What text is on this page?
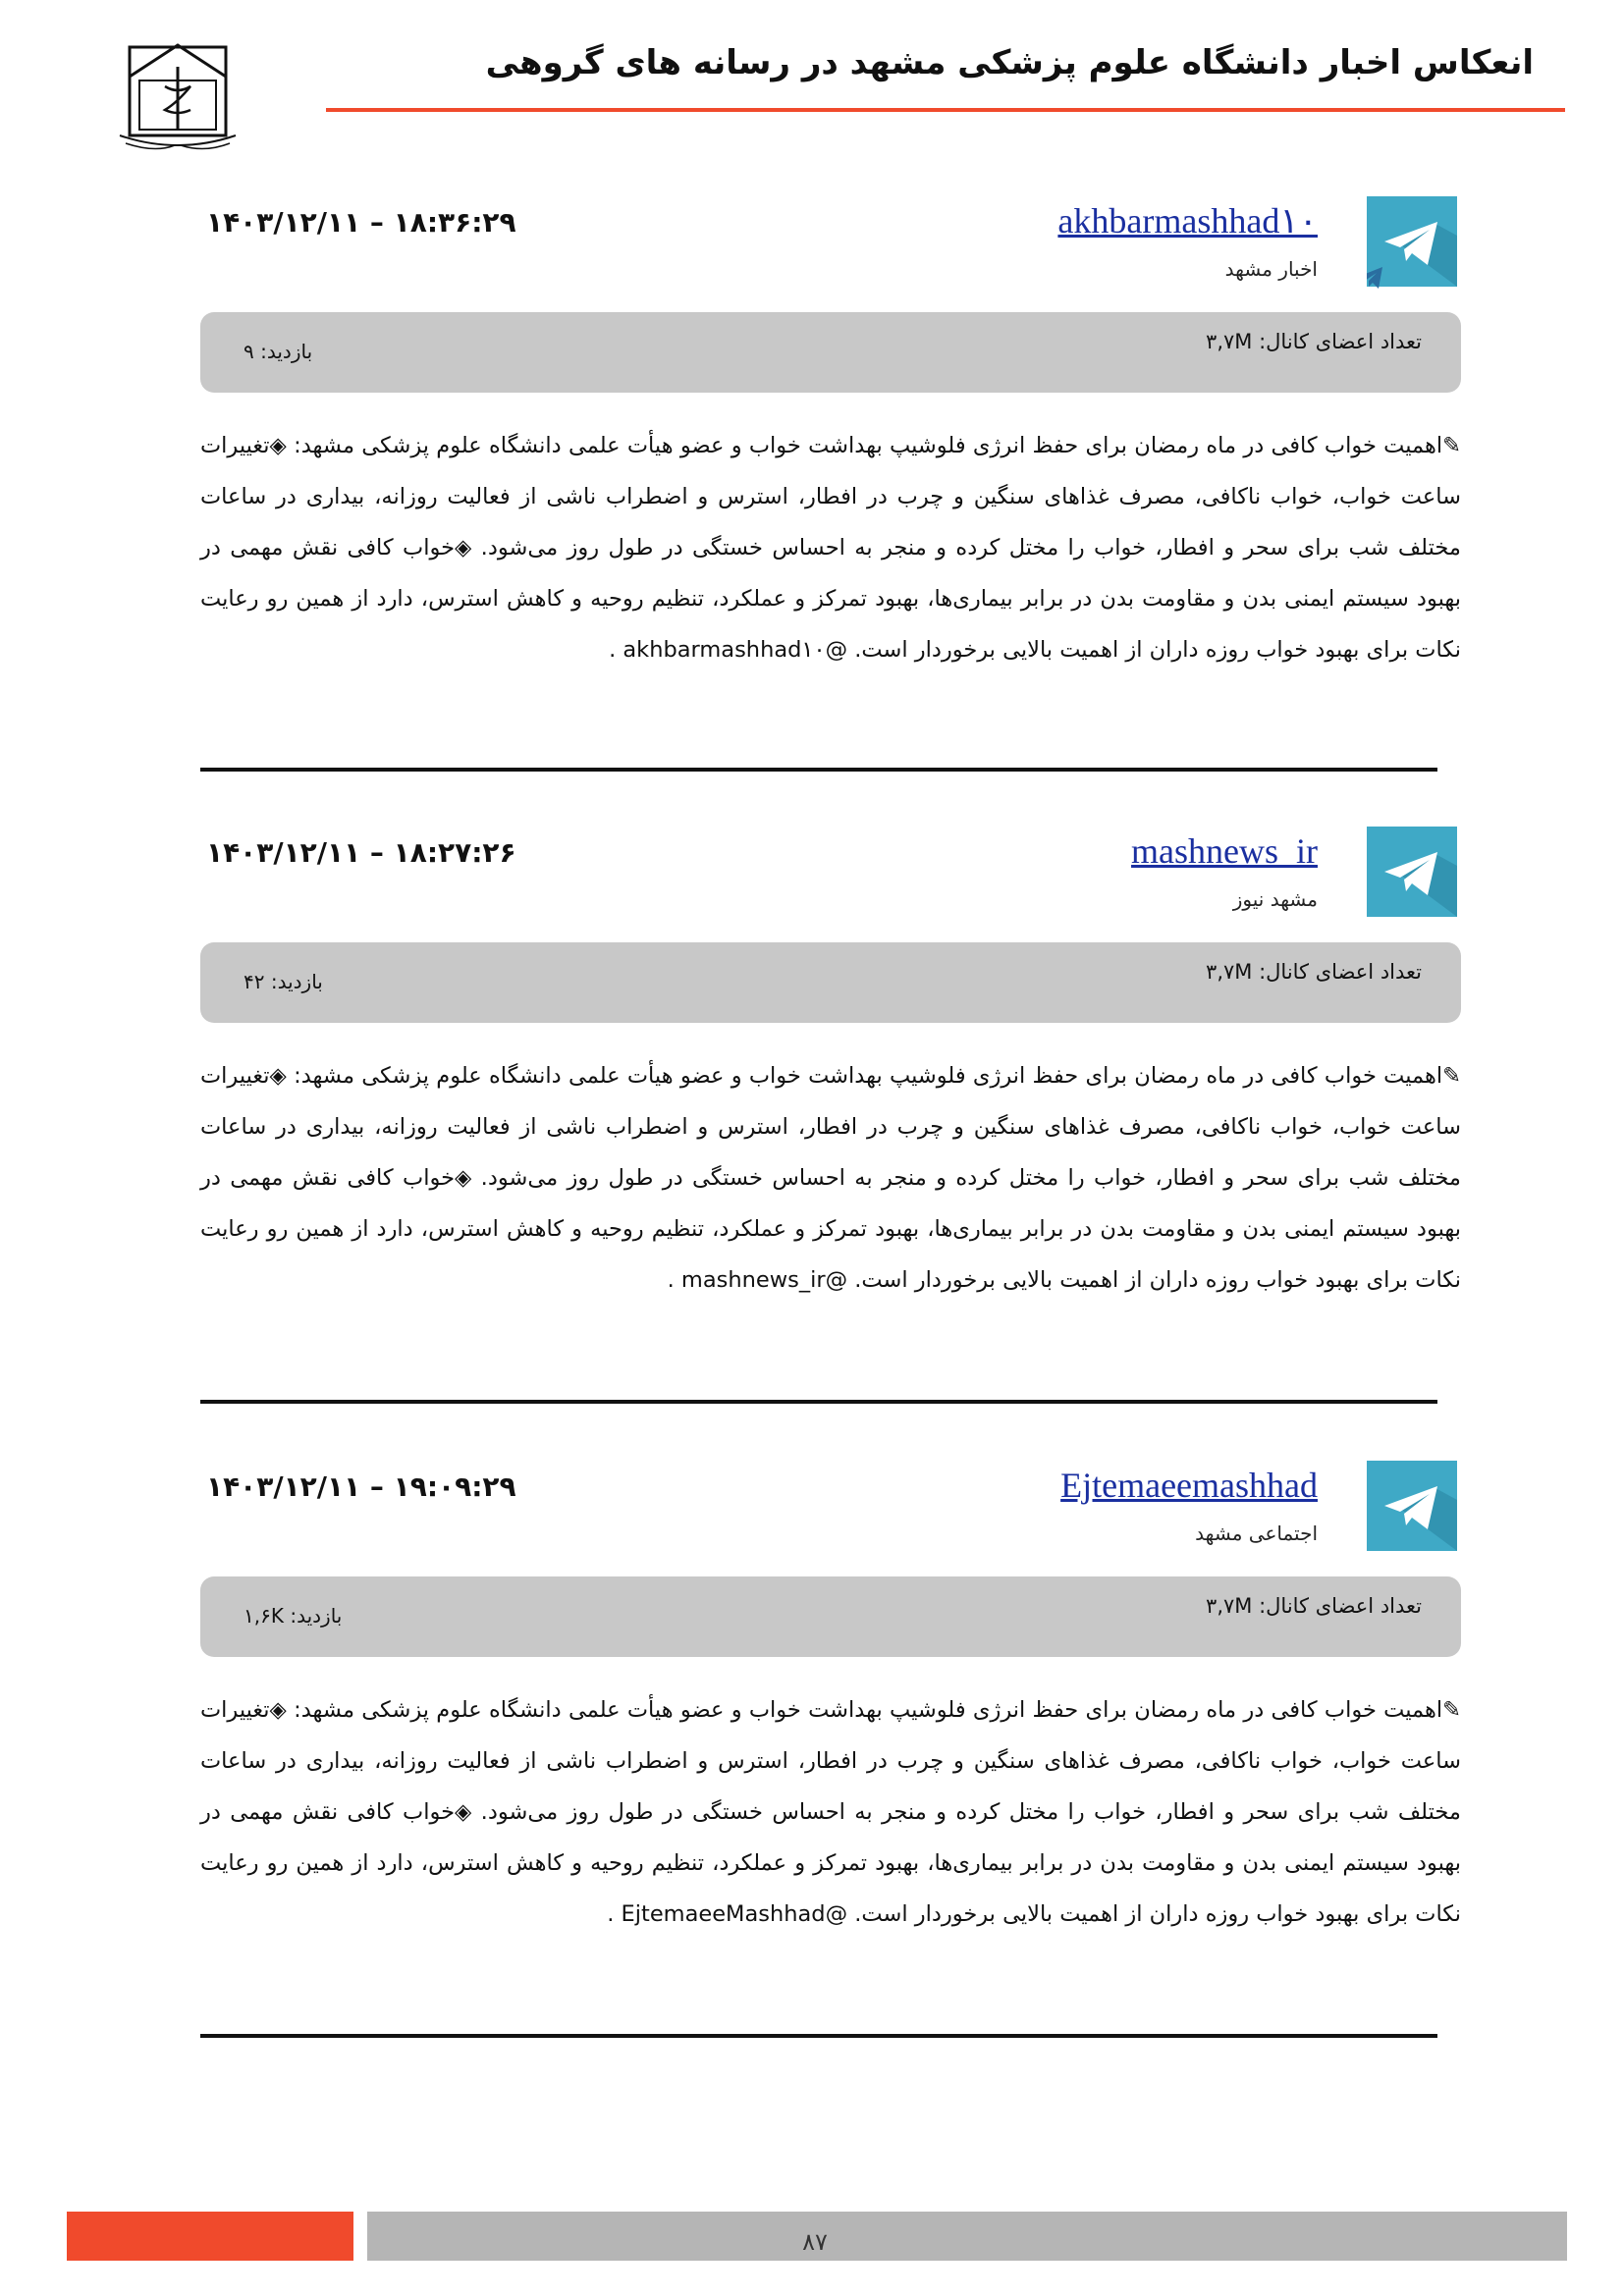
انعکاس اخبار دانشگاه علوم پزشکی مشهد در رسانه های گروهی
akhbarmashhad۱۰
اخبار مشهد
۱۴۰۳/۱۲/۱۱ – ۱۸:۳۶:۲۹
تعداد اعضای کانال: ۳,۷M
بازدید: ۹
✎اهمیت خواب کافی در ماه رمضان برای حفظ انرژی فلوشیپ بهداشت خواب و عضو هیأت علمی دانشگاه علوم پزشکی مشهد: ◈تغییرات ساعت خواب، خواب ناکافی، مصرف غذاهای سنگین و چرب در افطار، استرس و اضطراب ناشی از فعالیت روزانه، بیداری در ساعات مختلف شب برای سحر و افطار، خواب را مختل کرده و منجر به احساس خستگی در طول روز می‌شود. ◈خواب کافی نقش مهمی در بهبود سیستم ایمنی بدن و مقاومت بدن در برابر بیماری‌ها، بهبود تمرکز و عملکرد، تنظیم روحیه و کاهش استرس، دارد از همین رو رعایت نکات برای بهبود خواب روزه داران از اهمیت بالایی برخوردار است. @akhbarmashhad۱۰ .
mashnews_ir
مشهد نیوز
۱۴۰۳/۱۲/۱۱ – ۱۸:۲۷:۲۶
تعداد اعضای کانال: ۳,۷M
بازدید: ۴۲
✎اهمیت خواب کافی در ماه رمضان برای حفظ انرژی فلوشیپ بهداشت خواب و عضو هیأت علمی دانشگاه علوم پزشکی مشهد: ◈تغییرات ساعت خواب، خواب ناکافی، مصرف غذاهای سنگین و چرب در افطار، استرس و اضطراب ناشی از فعالیت روزانه، بیداری در ساعات مختلف شب برای سحر و افطار، خواب را مختل کرده و منجر به احساس خستگی در طول روز می‌شود. ◈خواب کافی نقش مهمی در بهبود سیستم ایمنی بدن و مقاومت بدن در برابر بیماری‌ها، بهبود تمرکز و عملکرد، تنظیم روحیه و کاهش استرس، دارد از همین رو رعایت نکات برای بهبود خواب روزه داران از اهمیت بالایی برخوردار است. @mashnews_ir .
Ejtemaeemashhad
اجتماعی مشهد
۱۴۰۳/۱۲/۱۱ – ۱۹:۰۹:۲۹
تعداد اعضای کانال: ۳,۷M
بازدید: ۱,۶K
✎اهمیت خواب کافی در ماه رمضان برای حفظ انرژی فلوشیپ بهداشت خواب و عضو هیأت علمی دانشگاه علوم پزشکی مشهد: ◈تغییرات ساعت خواب، خواب ناکافی، مصرف غذاهای سنگین و چرب در افطار، استرس و اضطراب ناشی از فعالیت روزانه، بیداری در ساعات مختلف شب برای سحر و افطار، خواب را مختل کرده و منجر به احساس خستگی در طول روز می‌شود. ◈خواب کافی نقش مهمی در بهبود سیستم ایمنی بدن و مقاومت بدن در برابر بیماری‌ها، بهبود تمرکز و عملکرد، تنظیم روحیه و کاهش استرس، دارد از همین رو رعایت نکات برای بهبود خواب روزه داران از اهمیت بالایی برخوردار است. @EjtemaeeMashhad .
۸۷
